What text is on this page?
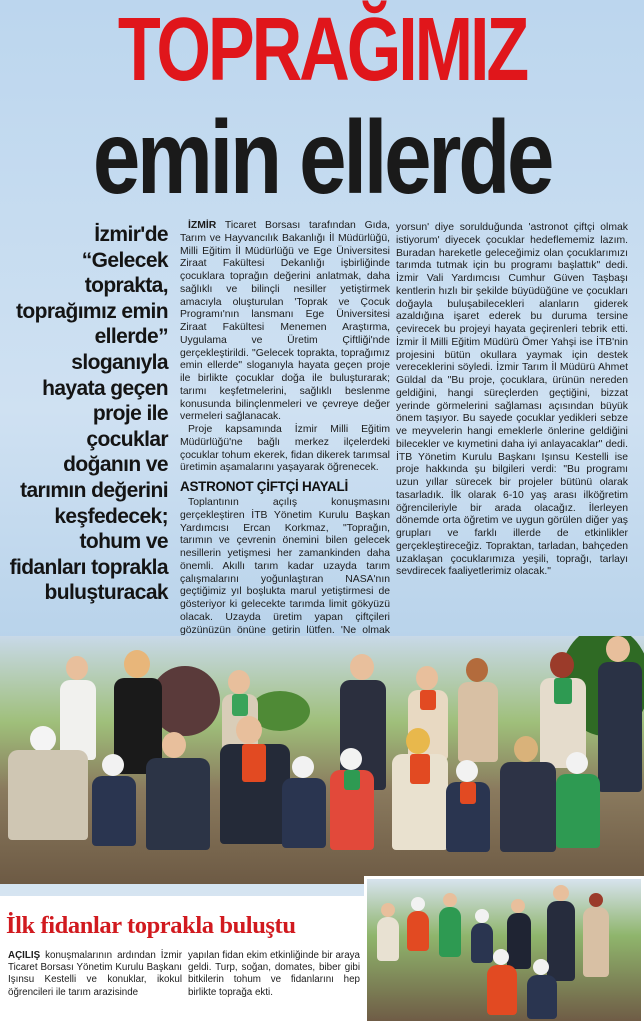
TOPRAĞIMIZ
emin ellerde
İzmir'de “Gelecek toprakta, toprağımız emin ellerde” sloganıyla hayata geçen proje ile çocuklar doğanın ve tarımın değerini keşfedecek; tohum ve fidanları toprakla buluşturacak

İZMİR Ticaret Borsası tarafından Gıda, Tarım ve Hayvancılık Bakanlığı İl Müdürlüğü, Milli Eğitim İl Müdürlüğü ve Ege Üniversitesi Ziraat Fakültesi Dekanlığı işbirliğinde çocuklara toprağın değerini anlatmak, daha sağlıklı ve bilinçli nesiller yetiştirmek amacıyla oluşturulan 'Toprak ve Çocuk Programı'nın lansmanı Ege Üniversitesi Ziraat Fakültesi Menemen Araştırma, Uygulama ve Üretim Çiftliği'nde gerçekleştirildi. "Gelecek toprakta, toprağımız emin ellerde" sloganıyla hayata geçen proje ile birlikte çocuklar doğa ile buluşturarak; tarımı keşfetmelerini, sağlıklı beslenme konusunda bilinçlenmeleri ve çevreye değer vermeleri sağlanacak.

Proje kapsamında İzmir Milli Eğitim Müdürlüğü'ne bağlı merkez ilçelerdeki çocuklar tohum ekerek, fidan dikerek tarımsal üretimin aşamalarını yaşayarak öğrenecek.

ASTRONOT ÇİFTÇİ HAYALİ

Toplantının açılış konuşmasını gerçekleştiren İTB Yönetim Kurulu Başkan Yardımcısı Ercan Korkmaz, "Toprağın, tarımın ve çevrenin önemini bilen gelecek nesillerin yetişmesi her zamankinden daha önemli. Akıllı tarım kadar uzayda tarım çalışmalarını yoğunlaştıran NASA'nın geçtiğimiz yıl boşlukta marul yetiştirmesi de gösteriyor ki gelecekte tarımda limit gökyüzü olacak. Uzayda üretim yapan çiftçileri gözünüzün önüne getirin lütfen. 'Ne olmak

yorsun' diye sorulduğunda 'astronot çiftçi olmak istiyorum' diyecek çocuklar hedeflememiz lazım. Buradan hareketle geleceğimiz olan çocuklarımızı tarımda tutmak için bu programı başlattık" dedi. İzmir Vali Yardımcısı Cumhur Güven Taşbaşı kentlerin hızlı bir şekilde büyüdüğüne ve çocukları doğayla buluşabilecekleri alanların giderek azaldığına işaret ederek bu duruma tersine çevirecek bu projeyi hayata geçirenleri tebrik etti. İzmir İl Milli Eğitim Müdürü Ömer Yahşi ise İTB'nin projesini bütün okullara yaymak için destek vereceklerini söyledi. İzmir Tarım İl Müdürü Ahmet Güldal da "Bu proje, çocuklara, ürünün nereden geldiğini, hangi süreçlerden geçtiğini, bizzat yerinde görmelerini sağlaması açısından büyük önem taşıyor. Bu sayede çocuklar yedikleri sebze ve meyvelerin hangi emeklerle önlerine geldiğini bilecekler ve kıymetini daha iyi anlayacaklar" dedi. İTB Yönetim Kurulu Başkanı Işınsu Kestelli ise proje hakkında şu bilgileri verdi: "Bu programı uzun yıllar sürecek bir projeler bütünü olarak tasarladık. İlk olarak 6-10 yaş arası ilköğretim öğrencileriyle bir arada olacağız. İlerleyen dönemde orta öğretim ve uygun görülen diğer yaş grupları ve farklı illerde de etkinlikler gerçekleştireceğiz. Topraktan, tarladan, bahçeden uzaklaşan çocuklarımıza yeşili, toprağı, tarlayı sevdirecek faaliyetlerimiz olacak."

İlk fidanlar toprakla buluştu
AÇILIŞ konuşmalarının ardından İzmir Ticaret Borsası Yönetim Kurulu Başkanı Işınsu Kestelli ve konuklar, ikokul öğrencileri ile tarım arazisinde
yapılan fidan ekim etkinliğinde bir araya geldi. Turp, soğan, domates, biber gibi bitkilerin tohum ve fidanlarını hep birlikte toprağa ekti.
